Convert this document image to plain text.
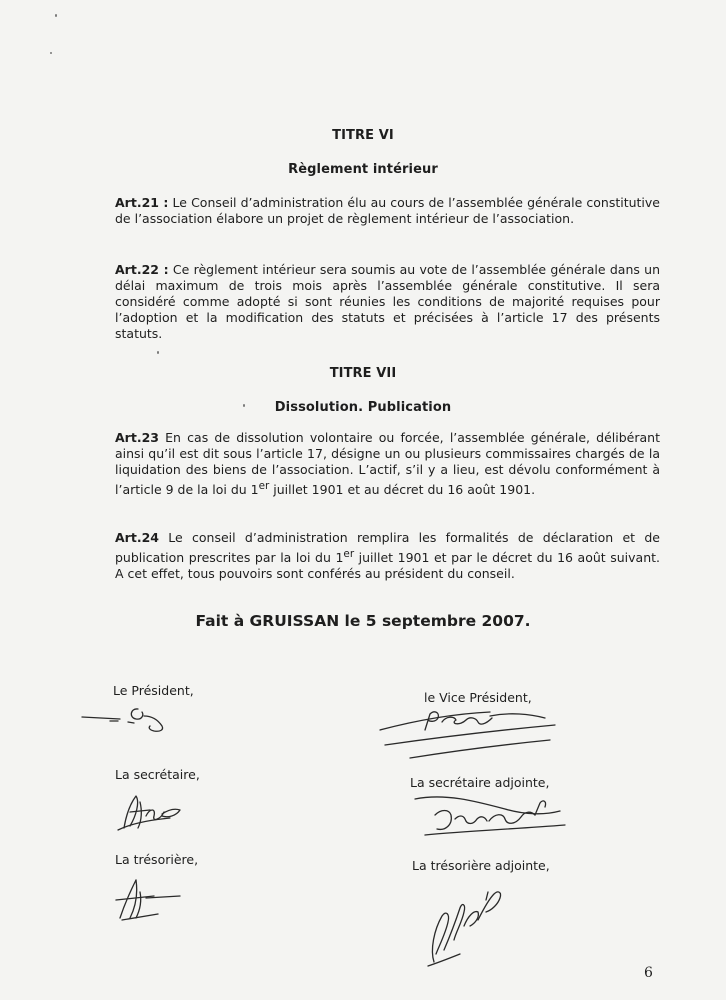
TITRE VI
Règlement intérieur

Art.21 : Le Conseil d’administration élu au cours de l’assemblée générale constitutive de l’association élabore un projet de règlement intérieur de l’association.

Art.22 : Ce règlement intérieur sera soumis au vote de l’assemblée générale dans un délai maximum de trois mois après l’assemblée générale constitutive. Il sera considéré comme adopté si sont réunies les conditions de majorité requises pour l’adoption et la modification des statuts et précisées à l’article 17 des présents statuts.

TITRE VII
Dissolution. Publication

Art.23 En cas de dissolution volontaire ou forcée, l’assemblée générale, délibérant ainsi qu’il est dit sous l’article 17, désigne un ou plusieurs commissaires chargés de la liquidation des biens de l’association. L’actif, s’il y a lieu, est dévolu conformément à l’article 9 de la loi du 1er juillet 1901 et au décret du 16 août 1901.

Art.24 Le conseil d’administration remplira les formalités de déclaration et de publication prescrites par la loi du 1er juillet 1901 et par le décret du 16 août suivant. A cet effet, tous pouvoirs sont conférés au président du conseil.

Fait à GRUISSAN le 5 septembre 2007.
Le Président,	le Vice Président,
La secrétaire,
La secrétaire adjointe,
La trésorière,	La trésorière adjointe,
6
